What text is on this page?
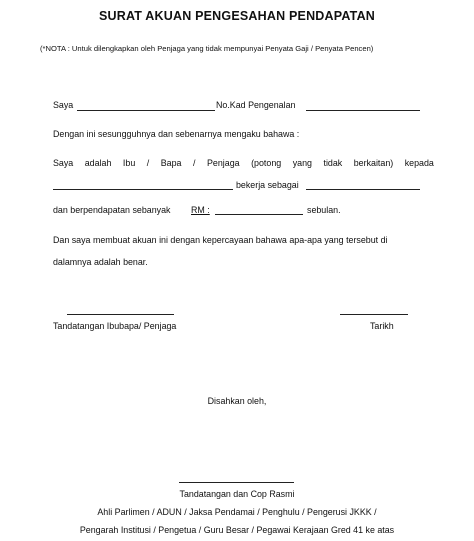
SURAT AKUAN PENGESAHAN PENDAPATAN
(*NOTA : Untuk dilengkapkan oleh Penjaga yang tidak mempunyai Penyata Gaji / Penyata Pencen)
Saya	No.Kad Pengenalan
Dengan ini sesungguhnya dan sebenarnya mengaku bahawa :
Saya adalah Ibu / Bapa / Penjaga (potong yang tidak berkaitan) kepada
bekerja sebagai
dan berpendapatan sebanyak RM :	sebulan.
Dan saya membuat akuan ini dengan kepercayaan bahawa apa-apa yang tersebut di
dalamnya adalah benar.
Tandatangan Ibubapa/ Penjaga	Tarikh
Disahkan oleh,
Tandatangan dan Cop Rasmi
Ahli Parlimen / ADUN / Jaksa Pendamai / Penghulu / Pengerusi JKKK /
Pengarah Institusi / Pengetua / Guru Besar / Pegawai Kerajaan Gred 41 ke atas
